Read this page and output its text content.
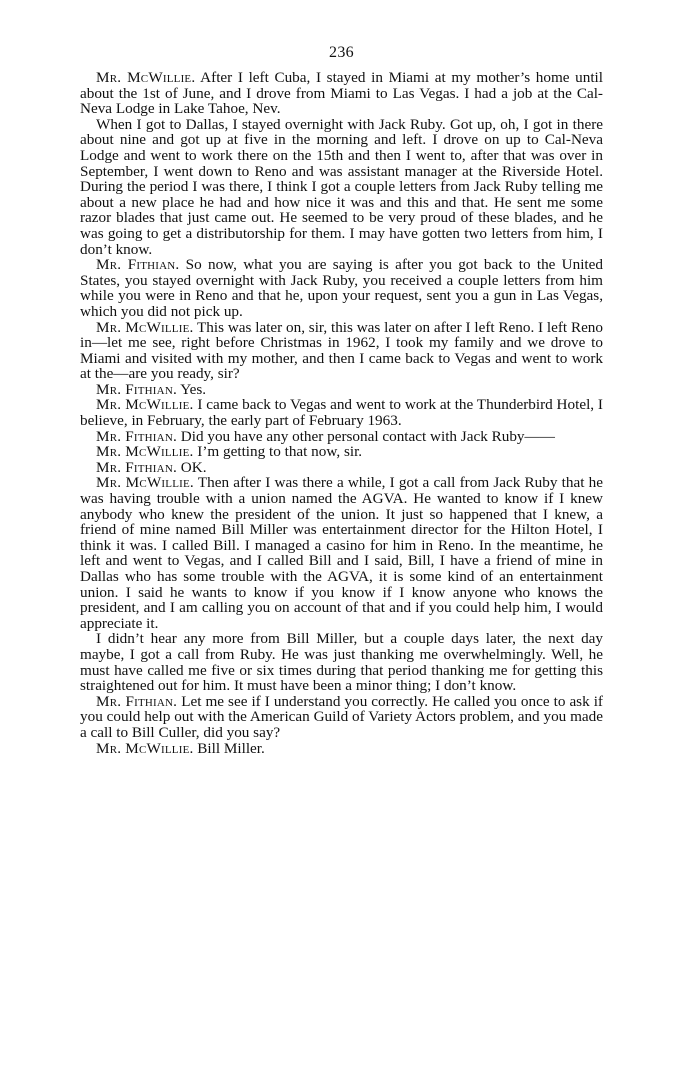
236

Mr. McWillie. After I left Cuba, I stayed in Miami at my mother’s home until about the 1st of June, and I drove from Miami to Las Vegas. I had a job at the Cal-Neva Lodge in Lake Tahoe, Nev.

When I got to Dallas, I stayed overnight with Jack Ruby. Got up, oh, I got in there about nine and got up at five in the morning and left. I drove on up to Cal-Neva Lodge and went to work there on the 15th and then I went to, after that was over in September, I went down to Reno and was assistant manager at the Riverside Hotel. During the period I was there, I think I got a couple letters from Jack Ruby telling me about a new place he had and how nice it was and this and that. He sent me some razor blades that just came out. He seemed to be very proud of these blades, and he was going to get a distributorship for them. I may have gotten two letters from him, I don’t know.

Mr. Fithian. So now, what you are saying is after you got back to the United States, you stayed overnight with Jack Ruby, you received a couple letters from him while you were in Reno and that he, upon your request, sent you a gun in Las Vegas, which you did not pick up.

Mr. McWillie. This was later on, sir, this was later on after I left Reno. I left Reno in—let me see, right before Christmas in 1962, I took my family and we drove to Miami and visited with my mother, and then I came back to Vegas and went to work at the—are you ready, sir?

Mr. Fithian. Yes.

Mr. McWillie. I came back to Vegas and went to work at the Thunderbird Hotel, I believe, in February, the early part of February 1963.

Mr. Fithian. Did you have any other personal contact with Jack Ruby——

Mr. McWillie. I’m getting to that now, sir.

Mr. Fithian. OK.

Mr. McWillie. Then after I was there a while, I got a call from Jack Ruby that he was having trouble with a union named the AGVA. He wanted to know if I knew anybody who knew the president of the union. It just so happened that I knew, a friend of mine named Bill Miller was entertainment director for the Hilton Hotel, I think it was. I called Bill. I managed a casino for him in Reno. In the meantime, he left and went to Vegas, and I called Bill and I said, Bill, I have a friend of mine in Dallas who has some trouble with the AGVA, it is some kind of an entertainment union. I said he wants to know if you know if I know anyone who knows the president, and I am calling you on account of that and if you could help him, I would appreciate it.

I didn’t hear any more from Bill Miller, but a couple days later, the next day maybe, I got a call from Ruby. He was just thanking me overwhelmingly. Well, he must have called me five or six times during that period thanking me for getting this straightened out for him. It must have been a minor thing; I don’t know.

Mr. Fithian. Let me see if I understand you correctly. He called you once to ask if you could help out with the American Guild of Variety Actors problem, and you made a call to Bill Culler, did you say?

Mr. McWillie. Bill Miller.
